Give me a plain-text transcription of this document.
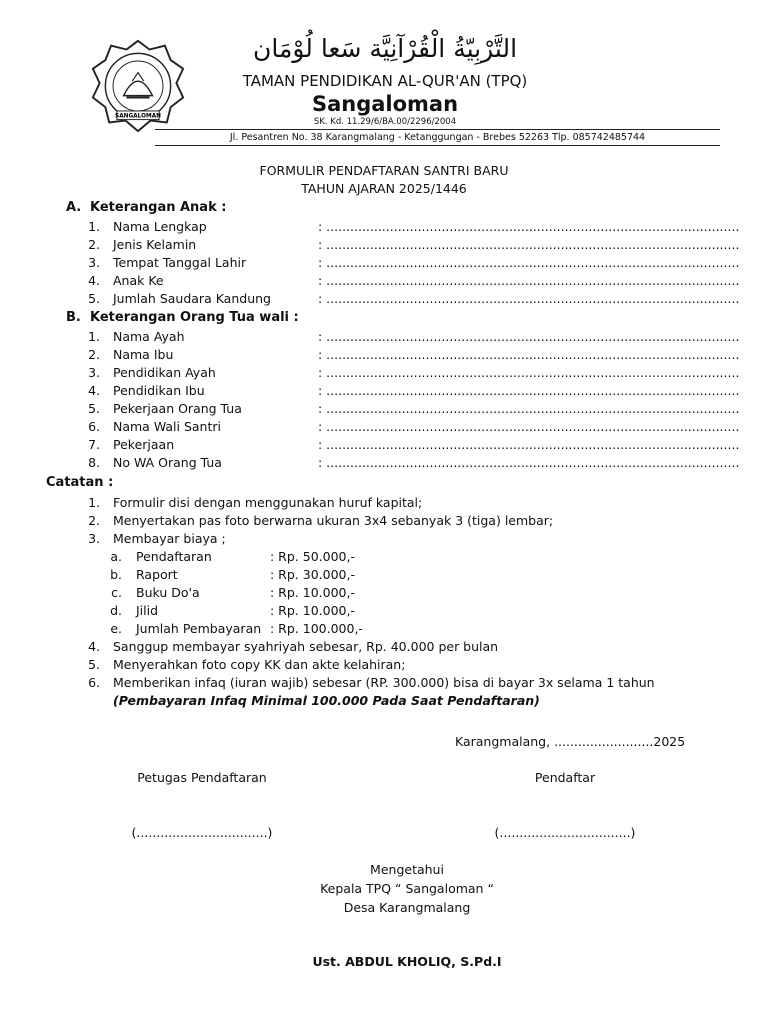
SANGALOMAN
التَّرْبِيّةُ الْقُرْآنِيَّة سَعا لُوْمَان
TAMAN PENDIDIKAN AL-QUR'AN (TPQ)
Sangaloman
SK. Kd. 11.29/6/BA.00/2296/2004
Jl. Pesantren No. 38 Karangmalang - Ketanggungan - Brebes 52263 Tlp. 085742485744
FORMULIR PENDAFTARAN SANTRI BARU
TAHUN AJARAN 2025/1446
A. Keterangan Anak :
1. Nama Lengkap	: ........................................................................................................
2. Jenis Kelamin	: ........................................................................................................
3. Tempat Tanggal Lahir	: ........................................................................................................
4. Anak Ke	: ........................................................................................................
5. Jumlah Saudara Kandung	: ........................................................................................................
B. Keterangan Orang Tua wali :
1. Nama Ayah	: ........................................................................................................
2. Nama Ibu	: ........................................................................................................
3. Pendidikan Ayah	: ........................................................................................................
4. Pendidikan Ibu	: ........................................................................................................
5. Pekerjaan Orang Tua	: ........................................................................................................
6. Nama Wali Santri	: ........................................................................................................
7. Pekerjaan	: ........................................................................................................
8. No WA Orang Tua	: ........................................................................................................
Catatan :
1. Formulir disi dengan menggunakan huruf kapital;
2. Menyertakan pas foto berwarna ukuran 3x4 sebanyak 3 (tiga) lembar;
3. Membayar biaya ;
a. Pendaftaran	: Rp. 50.000,-
b. Raport	: Rp. 30.000,-
c. Buku Do'a	: Rp. 10.000,-
d. Jilid	: Rp. 10.000,-
e. Jumlah Pembayaran : Rp. 100.000,-
4. Sanggup membayar syahriyah sebesar, Rp. 40.000 per bulan
5. Menyerahkan foto copy KK dan akte kelahiran;
6. Memberikan infaq (iuran wajib) sebesar (RP. 300.000) bisa di bayar 3x selama 1 tahun
(Pembayaran Infaq Minimal 100.000 Pada Saat Pendaftaran)
Karangmalang, .........................2025
Petugas Pendaftaran	Pendaftar
(.................................)	(.................................)
Mengetahui
Kepala TPQ “ Sangaloman “
Desa Karangmalang
Ust. ABDUL KHOLIQ, S.Pd.I
